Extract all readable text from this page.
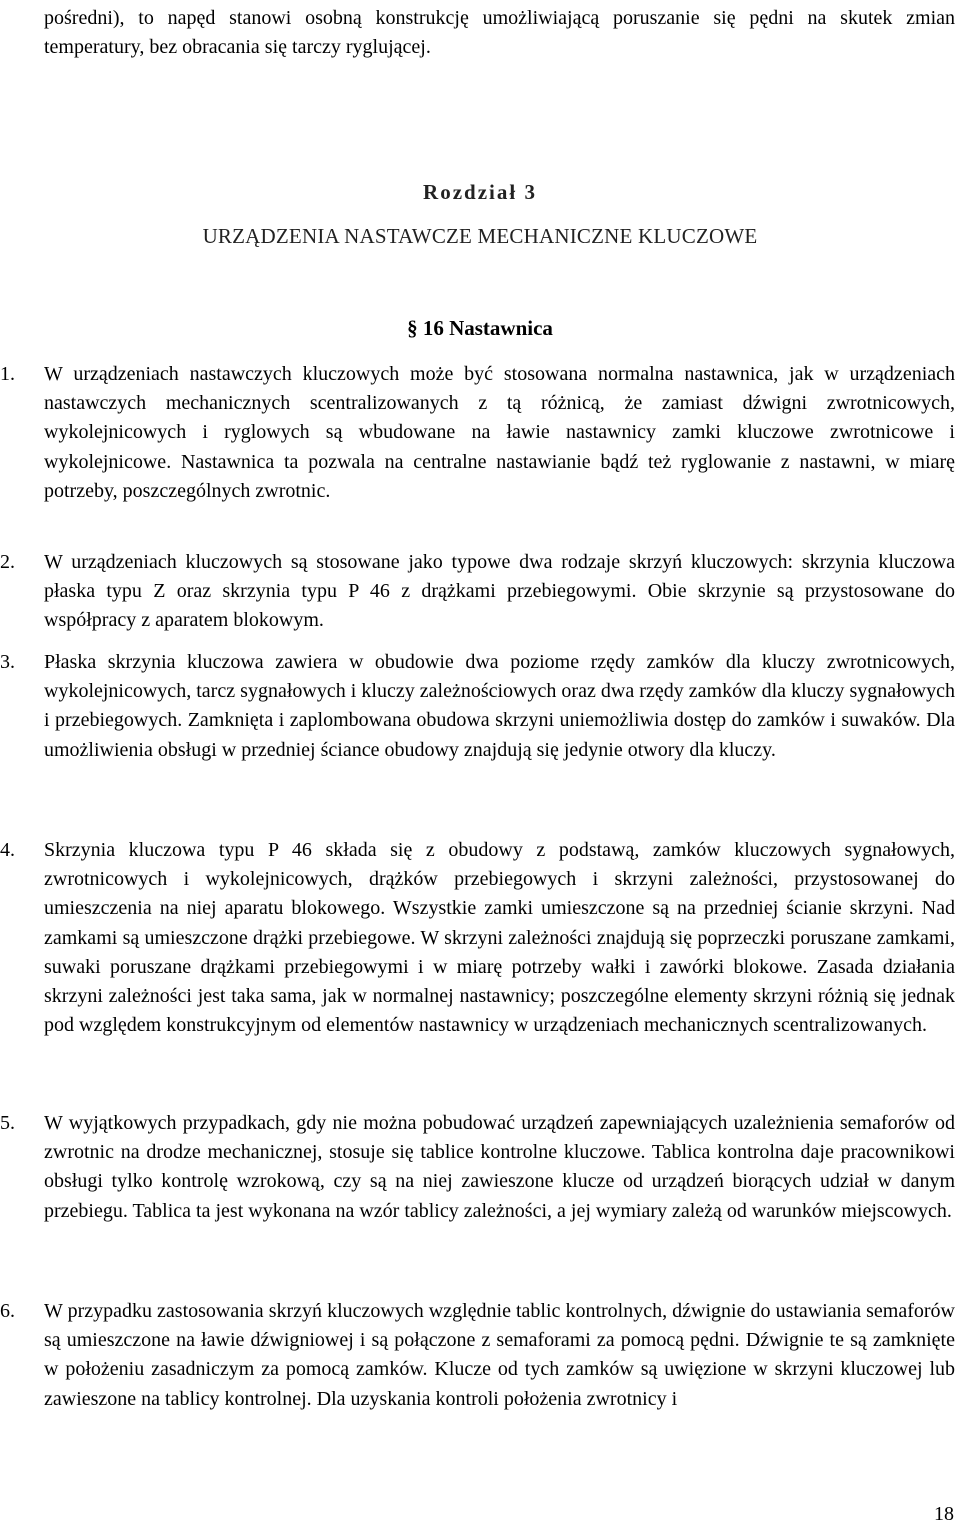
pośredni), to napęd stanowi osobną konstrukcję umożliwiającą poruszanie się pędni na skutek zmian temperatury, bez obracania się tarczy ryglującej.

Rozdział 3

URZĄDZENIA NASTAWCZE MECHANICZNE KLUCZOWE

§ 16 Nastawnica

1.	W urządzeniach nastawczych kluczowych może być stosowana normalna nastawnica, jak w urządzeniach nastawczych mechanicznych scentralizowanych z tą różnicą, że zamiast dźwigni zwrotnicowych, wykolejnicowych i ryglowych są wbudowane na ławie nastawnicy zamki kluczowe zwrotnicowe i wykolejnicowe. Nastawnica ta pozwala na centralne nastawianie bądź też ryglowanie z nastawni, w miarę potrzeby, poszczególnych zwrotnic.
2.	W urządzeniach kluczowych są stosowane jako typowe dwa rodzaje skrzyń kluczowych: skrzynia kluczowa płaska typu Z oraz skrzynia typu P 46 z drążkami przebiegowymi. Obie skrzynie są przystosowane do współpracy z aparatem blokowym.
3.	Płaska skrzynia kluczowa zawiera w obudowie dwa poziome rzędy zamków dla kluczy zwrotnicowych, wykolejnicowych, tarcz sygnałowych i kluczy zależnościowych oraz dwa rzędy zamków dla kluczy sygnałowych i przebiegowych. Zamknięta i zaplombowana obudowa skrzyni uniemożliwia dostęp do zamków i suwaków. Dla umożliwienia obsługi w przedniej ściance obudowy znajdują się jedynie otwory dla kluczy.
4.	Skrzynia kluczowa typu P 46 składa się z obudowy z podstawą, zamków kluczowych sygnałowych, zwrotnicowych i wykolejnicowych, drążków przebiegowych i skrzyni zależności, przystosowanej do umieszczenia na niej aparatu blokowego. Wszystkie zamki umieszczone są na przedniej ścianie skrzyni. Nad zamkami są umieszczone drążki przebiegowe. W skrzyni zależności znajdują się poprzeczki poruszane zamkami, suwaki poruszane drążkami przebiegowymi i w miarę potrzeby wałki i zawórki blokowe. Zasada działania skrzyni zależności jest taka sama, jak w normalnej nastawnicy; poszczególne elementy skrzyni różnią się jednak pod względem konstrukcyjnym od elementów nastawnicy w urządzeniach mechanicznych scentralizowanych.
5.	W wyjątkowych przypadkach, gdy nie można pobudować urządzeń zapewniających uzależnienia semaforów od zwrotnic na drodze mechanicznej, stosuje się tablice kontrolne kluczowe. Tablica kontrolna daje pracownikowi obsługi tylko kontrolę wzrokową, czy są na niej zawieszone klucze od urządzeń biorących udział w danym przebiegu. Tablica ta jest wykonana na wzór tablicy zależności, a jej wymiary zależą od warunków miejscowych.
6.	W przypadku zastosowania skrzyń kluczowych względnie tablic kontrolnych, dźwignie do ustawiania semaforów są umieszczone na ławie dźwigniowej i są połączone z semaforami za pomocą pędni. Dźwignie te są zamknięte w położeniu zasadniczym za pomocą zamków. Klucze od tych zamków są uwięzione w skrzyni kluczowej lub zawieszone na tablicy kontrolnej. Dla uzyskania kontroli położenia zwrotnicy i
18
